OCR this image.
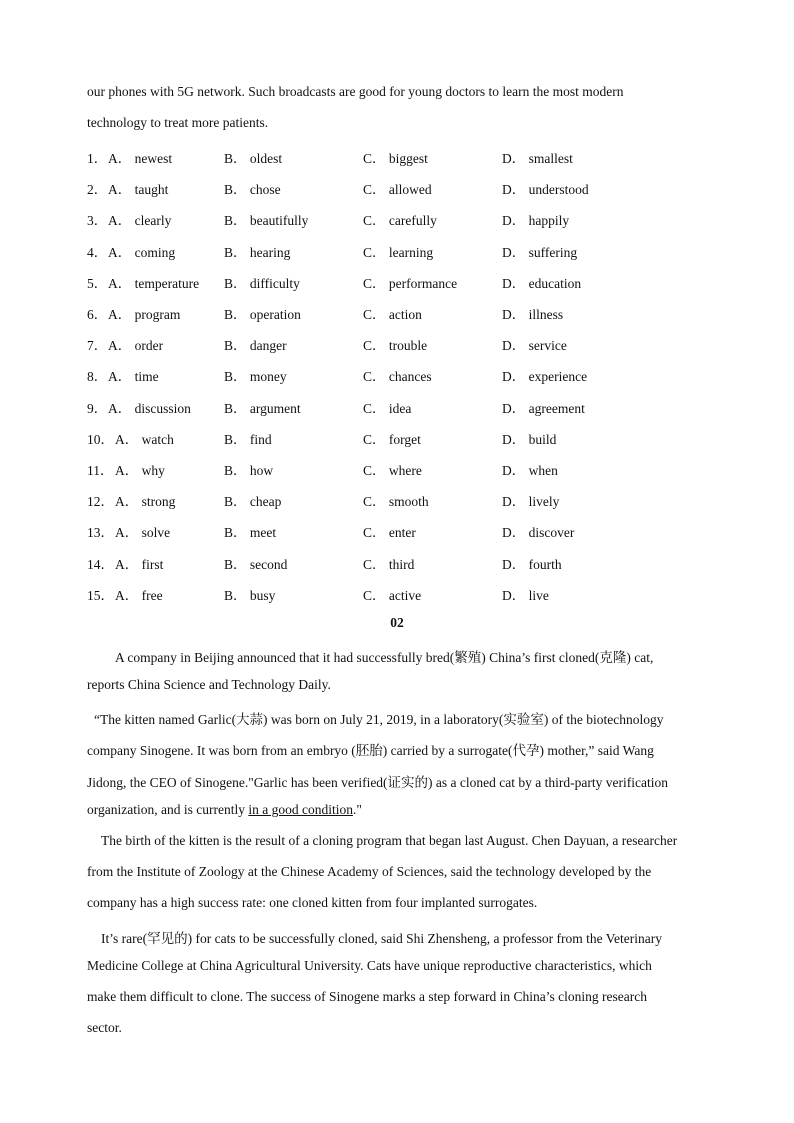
our phones with 5G network. Such broadcasts are good for young doctors to learn the most modern
technology to treat more patients.
1． A． newest	B． oldest	C． biggest	D． smallest
2． A． taught	B． chose	C． allowed	D． understood
3． A． clearly	B． beautifully	C． carefully	D． happily
4． A． coming	B． hearing	C． learning	D． suffering
5． A． temperature B． difficulty	C． performance	D． education
6． A． program	B． operation	C． action	D． illness
7． A． order	B． danger	C． trouble	D． service
8． A． time	B． money	C． chances	D． experience
9． A． discussion B． argument	C． idea	D． agreement
10． A． watch	B． find	C． forget	D． build
11． A． why	B． how	C． where	D． when
12． A． strong	B． cheap	C． smooth	D． lively
13． A． solve	B． meet	C． enter	D． discover
14． A． first	B． second	C． third	D． fourth
15． A． free	B． busy	C． active	D． live
02
A company in Beijing announced that it had successfully bred(繁殖) China’s first cloned(克隆) cat,
reports China Science and Technology Daily.
“The kitten named Garlic(大蒜) was born on July 21, 2019, in a laboratory(实验室) of the biotechnology
company Sinogene. It was born from an embryo (胚胎) carried by a surrogate(代孕) mother,” said Wang
Jidong, the CEO of Sinogene."Garlic has been verified(证实的) as a cloned cat by a third-party verification
organization, and is currently in a good condition."
The birth of the kitten is the result of a cloning program that began last August. Chen Dayuan, a researcher
from the Institute of Zoology at the Chinese Academy of Sciences, said the technology developed by the
company has a high success rate: one cloned kitten from four implanted surrogates.
It’s rare(罕见的) for cats to be successfully cloned, said Shi Zhensheng, a professor from the Veterinary
Medicine College at China Agricultural University. Cats have unique reproductive characteristics, which
make them difficult to clone. The success of Sinogene marks a step forward in China’s cloning research
sector.
